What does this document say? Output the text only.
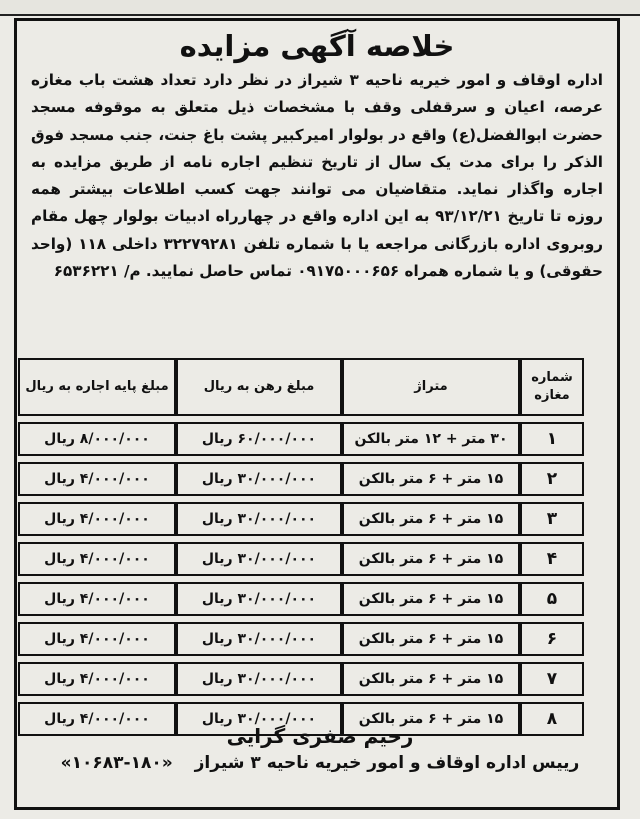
خلاصه آگهی مزایده
اداره اوقاف و امور خیریه ناحیه ۳ شیراز در نظر دارد تعداد هشت باب مغازه عرصه، اعیان و سرقفلی وقف با مشخصات ذیل متعلق به موقوفه مسجد حضرت ابوالفضل(ع) واقع در بولوار امیرکبیر پشت باغ جنت، جنب مسجد فوق الذکر را برای مدت یک سال از تاریخ تنظیم اجاره نامه از طریق مزایده به اجاره واگذار نماید. متقاضیان می توانند جهت کسب اطلاعات بیشتر همه روزه تا تاریخ ۹۳/۱۲/۲۱ به این اداره واقع در چهارراه ادبیات بولوار چهل مقام روبروی اداره بازرگانی مراجعه یا با شماره تلفن ۳۲۲۷۹۲۸۱ داخلی ۱۱۸ (واحد حقوقی) و یا شماره همراه ۰۹۱۷۵۰۰۰۶۵۶ تماس حاصل نمایید. م/ ۶۵۳۶۲۲۱
شماره مغازه	متراژ	مبلغ رهن به ریال	مبلغ پایه اجاره به ریال
۱	۳۰ متر + ۱۲ متر بالکن	۶۰/۰۰۰/۰۰۰ ریال	۸/۰۰۰/۰۰۰ ریال
۲	۱۵ متر + ۶ متر بالکن	۳۰/۰۰۰/۰۰۰ ریال	۴/۰۰۰/۰۰۰ ریال
۳	۱۵ متر + ۶ متر بالکن	۳۰/۰۰۰/۰۰۰ ریال	۴/۰۰۰/۰۰۰ ریال
۴	۱۵ متر + ۶ متر بالکن	۳۰/۰۰۰/۰۰۰ ریال	۴/۰۰۰/۰۰۰ ریال
۵	۱۵ متر + ۶ متر بالکن	۳۰/۰۰۰/۰۰۰ ریال	۴/۰۰۰/۰۰۰ ریال
۶	۱۵ متر + ۶ متر بالکن	۳۰/۰۰۰/۰۰۰ ریال	۴/۰۰۰/۰۰۰ ریال
۷	۱۵ متر + ۶ متر بالکن	۳۰/۰۰۰/۰۰۰ ریال	۴/۰۰۰/۰۰۰ ریال
۸	۱۵ متر + ۶ متر بالکن	۳۰/۰۰۰/۰۰۰ ریال	۴/۰۰۰/۰۰۰ ریال
رحیم صفری گرایی
رییس اداره اوقاف و امور خیریه ناحیه ۳ شیراز «۱۸۰-۱۰۶۸۳»
